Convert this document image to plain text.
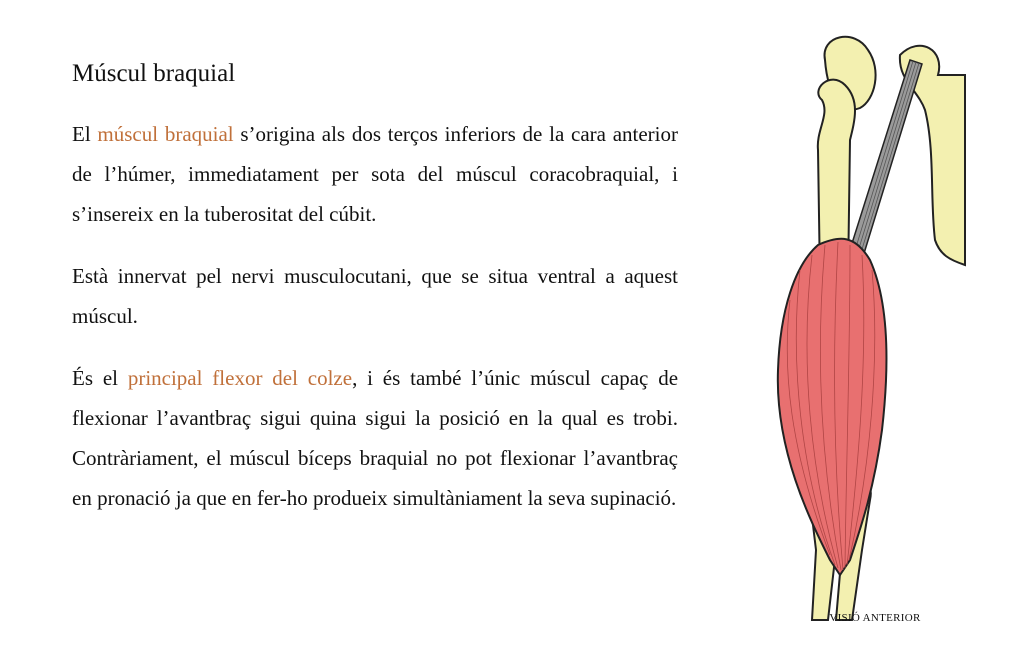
Múscul braquial

El múscul braquial s’origina als dos terços inferiors de la cara anterior de l’húmer, immediatament per sota del múscul coracobraquial, i s’insereix en la tuberositat del cúbit.

Està innervat pel nervi musculocutani, que se situa ventral a aquest múscul.

És el principal flexor del colze, i és també l’únic múscul capaç de flexionar l’avantbraç sigui quina sigui la posició en la qual es trobi. Contràriament, el múscul bíceps braquial no pot flexionar l’avantbraç en pronació ja que en fer-ho produeix simultàniament la seva supinació.

VISIÓ ANTERIOR
